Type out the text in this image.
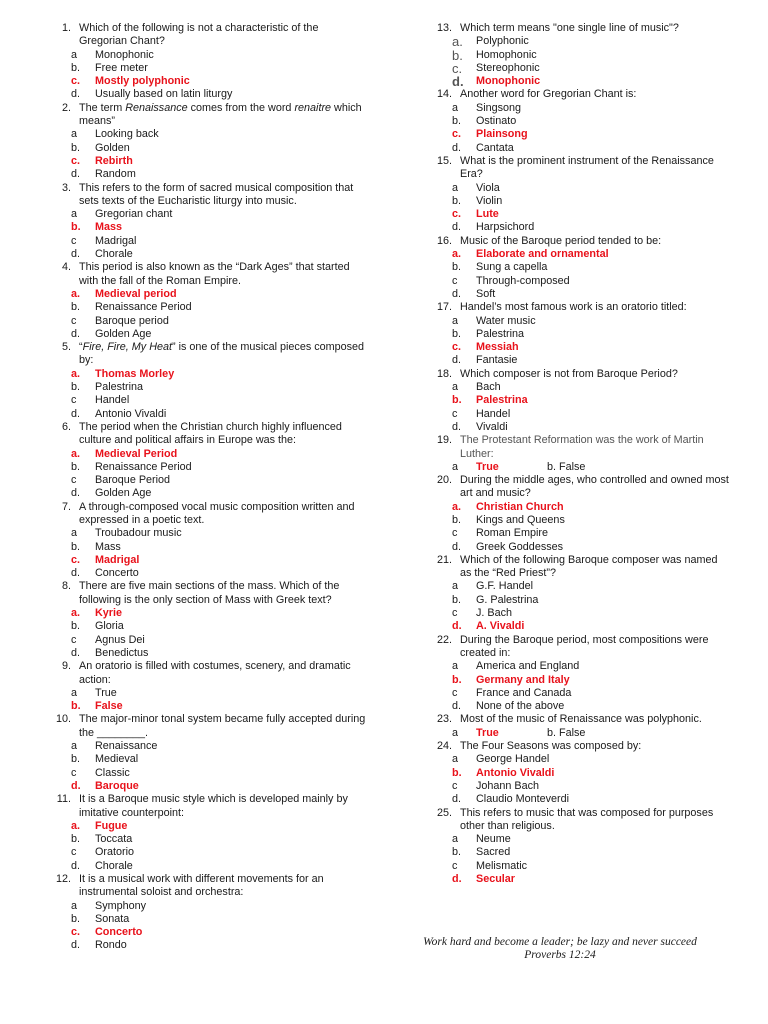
1. Which of the following is not a characteristic of the Gregorian Chant?
a	Monophonic
b.	Free meter
c.	Mostly polyphonic
d.	Usually based on latin liturgy
2. The term Renaissance comes from the word renaitre which means”
a	Looking back
b.	Golden
c.	Rebirth
d.	Random
3. This refers to the form of sacred musical composition that sets texts of the Eucharistic liturgy into music.
a	Gregorian chant
b.	Mass
c	Madrigal
d.	Chorale
4. This period is also known as the “Dark Ages” that started with the fall of the Roman Empire.
a.	Medieval period
b.	Renaissance Period
c	Baroque period
d.	Golden Age
5. “Fire, Fire, My Heat” is one of the musical pieces composed by:
a.	Thomas Morley
b.	Palestrina
c	Handel
d.	Antonio Vivaldi
6. The period when the Christian church highly influenced culture and political affairs in Europe was the:
a.	Medieval Period
b.	Renaissance Period
c	Baroque Period
d.	Golden Age
7. A through-composed vocal music composition written and expressed in a poetic text.
a	Troubadour music
b.	Mass
c.	Madrigal
d.	Concerto
8. There are five main sections of the mass. Which of the following is the only section of Mass with Greek text?
a.	Kyrie
b.	Gloria
c	Agnus Dei
d.	Benedictus
9. An oratorio is filled with costumes, scenery, and dramatic action:
a	True
b.	False
10. The major-minor tonal system became fully accepted during the ________.
a	Renaissance
b.	Medieval
c	Classic
d.	Baroque
11. It is a Baroque music style which is developed mainly by imitative counterpoint:
a.	Fugue
b.	Toccata
c	Oratorio
d.	Chorale
12. It is a musical work with different movements for an instrumental soloist and orchestra:
a	Symphony
b.	Sonata
c.	Concerto
d.	Rondo
13. Which term means "one single line of music"?
a.	Polyphonic
b.	Homophonic
c.	Stereophonic
d.	Monophonic
14. Another word for Gregorian Chant is:
a	Singsong
b.	Ostinato
c.	Plainsong
d.	Cantata
15. What is the prominent instrument of the Renaissance Era?
a	Viola
b.	Violin
c.	Lute
d.	Harpsichord
16. Music of the Baroque period tended to be:
a.	Elaborate and ornamental
b.	Sung a capella
c	Through-composed
d.	Soft
17. Handel’s most famous work is an oratorio titled:
a	Water music
b.	Palestrina
c.	Messiah
d.	Fantasie
18. Which composer is not from Baroque Period?
a	Bach
b.	Palestrina
c	Handel
d.	Vivaldi
19. The Protestant Reformation was the work of Martin Luther:
a	True	b. False
20. During the middle ages, who controlled and owned most art and music?
a.	Christian Church
b.	Kings and Queens
c	Roman Empire
d.	Greek Goddesses
21. Which of the following Baroque composer was named as the “Red Priest”?
a	G.F. Handel
b.	G. Palestrina
c	J. Bach
d.	A. Vivaldi
22. During the Baroque period, most compositions were created in:
a	America and England
b.	Germany and Italy
c	France and Canada
d.	None of the above
23. Most of the music of Renaissance was polyphonic.
a	True	b. False
24. The Four Seasons was composed by:
a	George Handel
b.	Antonio Vivaldi
c	Johann Bach
d.	Claudio Monteverdi
25. This refers to music that was composed for purposes other than religious.
a	Neume
b.	Sacred
c	Melismatic
d.	Secular
Work hard and become a leader; be lazy and never succeed
Proverbs 12:24
